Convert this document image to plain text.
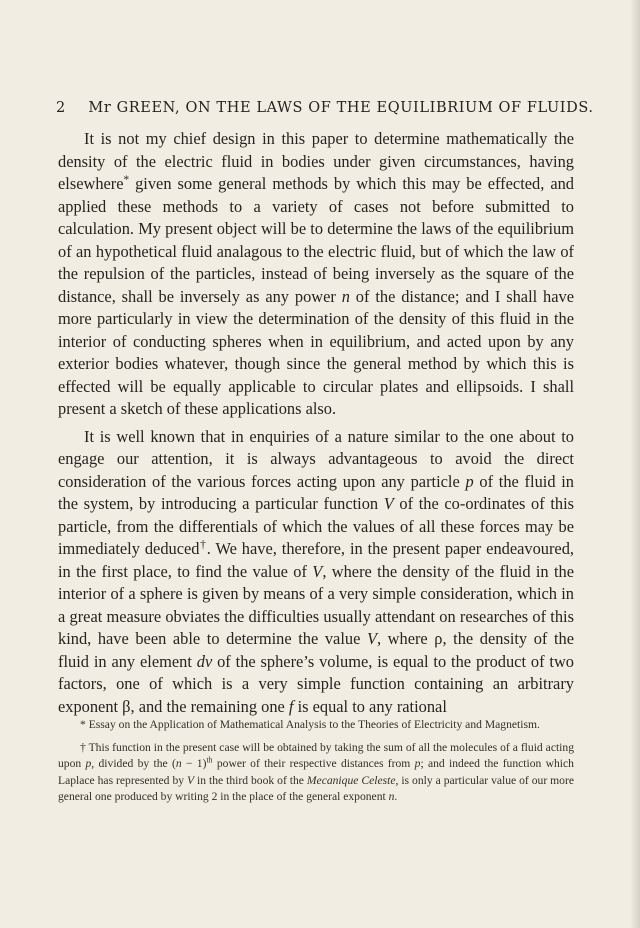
2	Mr GREEN, ON THE LAWS OF THE EQUILIBRIUM OF FLUIDS.

It is not my chief design in this paper to determine mathematically the density of the electric fluid in bodies under given circumstances, having elsewhere* given some general methods by which this may be effected, and applied these methods to a variety of cases not before submitted to calculation. My present object will be to determine the laws of the equilibrium of an hypothetical fluid analagous to the electric fluid, but of which the law of the repulsion of the particles, instead of being inversely as the square of the distance, shall be inversely as any power n of the distance; and I shall have more particularly in view the determination of the density of this fluid in the interior of conducting spheres when in equilibrium, and acted upon by any exterior bodies whatever, though since the general method by which this is effected will be equally applicable to circular plates and ellipsoids. I shall present a sketch of these applications also.

It is well known that in enquiries of a nature similar to the one about to engage our attention, it is always advantageous to avoid the direct consideration of the various forces acting upon any particle p of the fluid in the system, by introducing a particular function V of the co-ordinates of this particle, from the differentials of which the values of all these forces may be immediately deduced†. We have, therefore, in the present paper endeavoured, in the first place, to find the value of V, where the density of the fluid in the interior of a sphere is given by means of a very simple consideration, which in a great measure obviates the difficulties usually attendant on researches of this kind, have been able to determine the value V, where ρ, the density of the fluid in any element dv of the sphere’s volume, is equal to the product of two factors, one of which is a very simple function containing an arbitrary exponent β, and the remaining one f is equal to any rational

* Essay on the Application of Mathematical Analysis to the Theories of Electricity and Magnetism.

† This function in the present case will be obtained by taking the sum of all the molecules of a fluid acting upon p, divided by the $(n - 1)^{th}$ power of their respective distances from p; and indeed the function which Laplace has represented by V in the third book of the Mecanique Celeste, is only a particular value of our more general one produced by writing 2 in the place of the general exponent n.
